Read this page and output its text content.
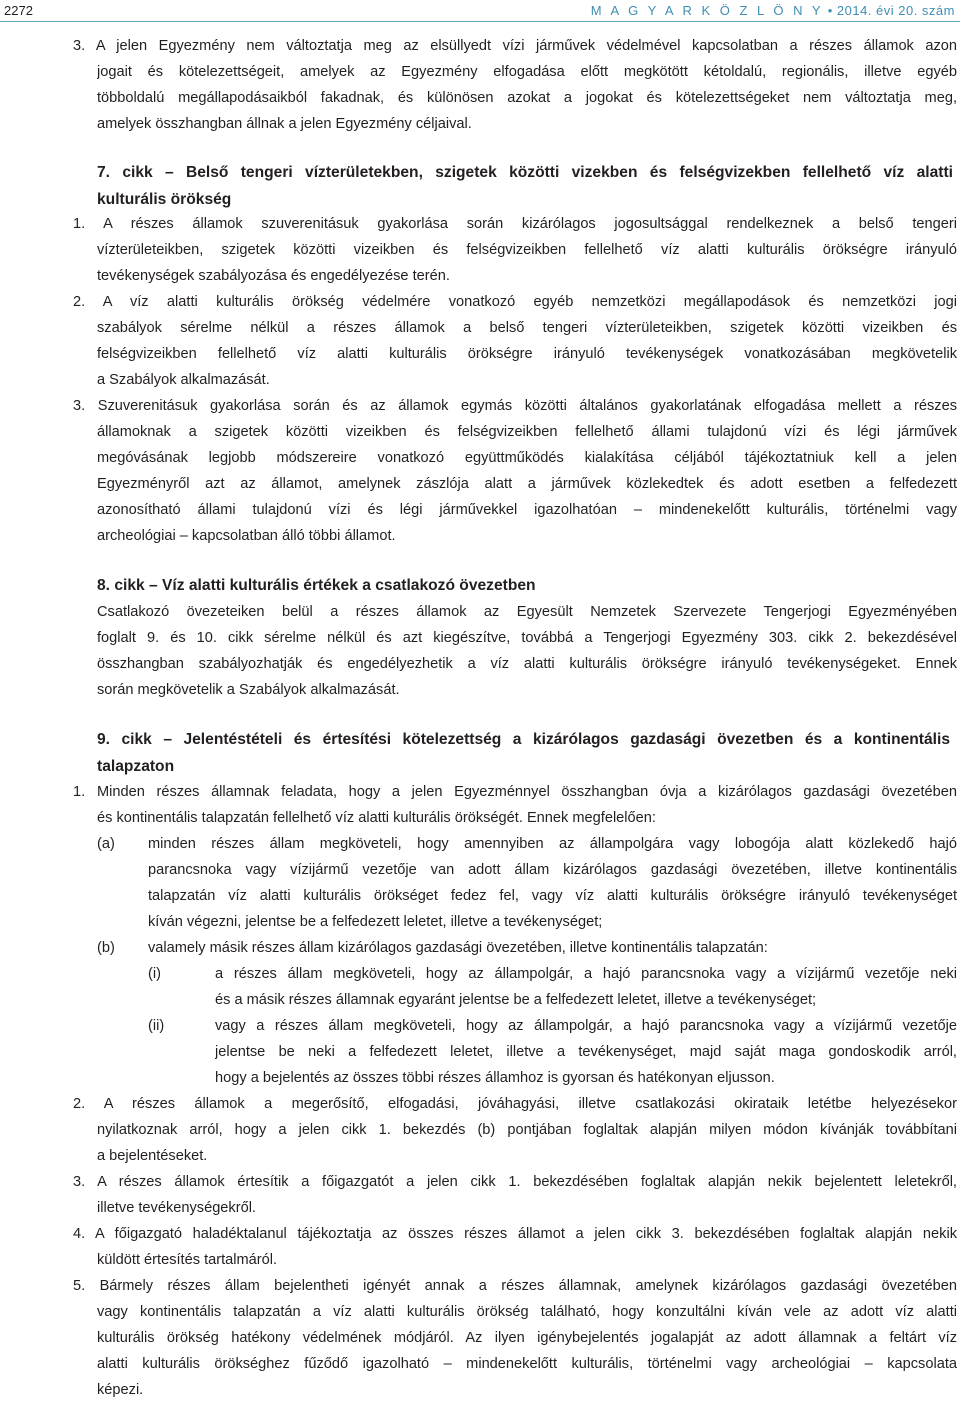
2272	M A G Y A R K Ö Z L Ö N Y • 2014. évi 20. szám
3. A jelen Egyezmény nem változtatja meg az elsüllyedt vízi járművek védelmével kapcsolatban a részes államok azon
jogait és kötelezettségeit, amelyek az Egyezmény elfogadása előtt megkötött kétoldalú, regionális, illetve egyéb
többoldalú megállapodásaikból fakadnak, és különösen azokat a jogokat és kötelezettségeket nem változtatja meg,
amelyek összhangban állnak a jelen Egyezmény céljaival.
7. cikk – Belső tengeri vízterületekben, szigetek közötti vizekben és felségvizekben fellelhető víz alatti
kulturális örökség
1. A részes államok szuverenitásuk gyakorlása során kizárólagos jogosultsággal rendelkeznek a belső tengeri
vízterületeikben, szigetek közötti vizeikben és felségvizeikben fellelhető víz alatti kulturális örökségre irányuló
tevékenységek szabályozása és engedélyezése terén.
2. A víz alatti kulturális örökség védelmére vonatkozó egyéb nemzetközi megállapodások és nemzetközi jogi
szabályok sérelme nélkül a részes államok a belső tengeri vízterületeikben, szigetek közötti vizeikben és
felségvizeikben fellelhető víz alatti kulturális örökségre irányuló tevékenységek vonatkozásában megkövetelik
a Szabályok alkalmazását.
3. Szuverenitásuk gyakorlása során és az államok egymás közötti általános gyakorlatának elfogadása mellett a részes
államoknak a szigetek közötti vizeikben és felségvizeikben fellelhető állami tulajdonú vízi és légi járművek
megóvásának legjobb módszereire vonatkozó együttműködés kialakítása céljából tájékoztatniuk kell a jelen
Egyezményről azt az államot, amelynek zászlója alatt a járművek közlekedtek és adott esetben a felfedezett
azonosítható állami tulajdonú vízi és légi járművekkel igazolhatóan – mindenekelőtt kulturális, történelmi vagy
archeológiai – kapcsolatban álló többi államot.
8. cikk – Víz alatti kulturális értékek a csatlakozó övezetben
Csatlakozó övezeteiken belül a részes államok az Egyesült Nemzetek Szervezete Tengerjogi Egyezményében
foglalt 9. és 10. cikk sérelme nélkül és azt kiegészítve, továbbá a Tengerjogi Egyezmény 303. cikk 2. bekezdésével
összhangban szabályozhatják és engedélyezhetik a víz alatti kulturális örökségre irányuló tevékenységeket. Ennek
során megkövetelik a Szabályok alkalmazását.
9. cikk – Jelentéstételi és értesítési kötelezettség a kizárólagos gazdasági övezetben és a kontinentális
talapzaton
1. Minden részes államnak feladata, hogy a jelen Egyezménnyel összhangban óvja a kizárólagos gazdasági övezetében
és kontinentális talapzatán fellelhető víz alatti kulturális örökségét. Ennek megfelelően:
(a) minden részes állam megköveteli, hogy amennyiben az állampolgára vagy lobogója alatt közlekedő hajó
parancsnoka vagy vízijármű vezetője van adott állam kizárólagos gazdasági övezetében, illetve kontinentális
talapzatán víz alatti kulturális örökséget fedez fel, vagy víz alatti kulturális örökségre irányuló tevékenységet
kíván végezni, jelentse be a felfedezett leletet, illetve a tevékenységet;
(b) valamely másik részes állam kizárólagos gazdasági övezetében, illetve kontinentális talapzatán:
(i)	a részes állam megköveteli, hogy az állampolgár, a hajó parancsnoka vagy a vízijármű vezetője neki
és a másik részes államnak egyaránt jelentse be a felfedezett leletet, illetve a tevékenységet;
(ii)	vagy a részes állam megköveteli, hogy az állampolgár, a hajó parancsnoka vagy a vízijármű vezetője
jelentse be neki a felfedezett leletet, illetve a tevékenységet, majd saját maga gondoskodik arról,
hogy a bejelentés az összes többi részes államhoz is gyorsan és hatékonyan eljusson.
2. A részes államok a megerősítő, elfogadási, jóváhagyási, illetve csatlakozási okirataik letétbe helyezésekor
nyilatkoznak arról, hogy a jelen cikk 1. bekezdés (b) pontjában foglaltak alapján milyen módon kívánják továbbítani
a bejelentéseket.
3. A részes államok értesítik a főigazgatót a jelen cikk 1. bekezdésében foglaltak alapján nekik bejelentett leletekről,
illetve tevékenységekről.
4. A főigazgató haladéktalanul tájékoztatja az összes részes államot a jelen cikk 3. bekezdésében foglaltak alapján nekik
küldött értesítés tartalmáról.
5. Bármely részes állam bejelentheti igényét annak a részes államnak, amelynek kizárólagos gazdasági övezetében
vagy kontinentális talapzatán a víz alatti kulturális örökség található, hogy konzultálni kíván vele az adott víz alatti
kulturális örökség hatékony védelmének módjáról. Az ilyen igénybejelentés jogalapját az adott államnak a feltárt víz
alatti kulturális örökséghez fűződő igazolható – mindenekelőtt kulturális, történelmi vagy archeológiai – kapcsolata
képezi.
